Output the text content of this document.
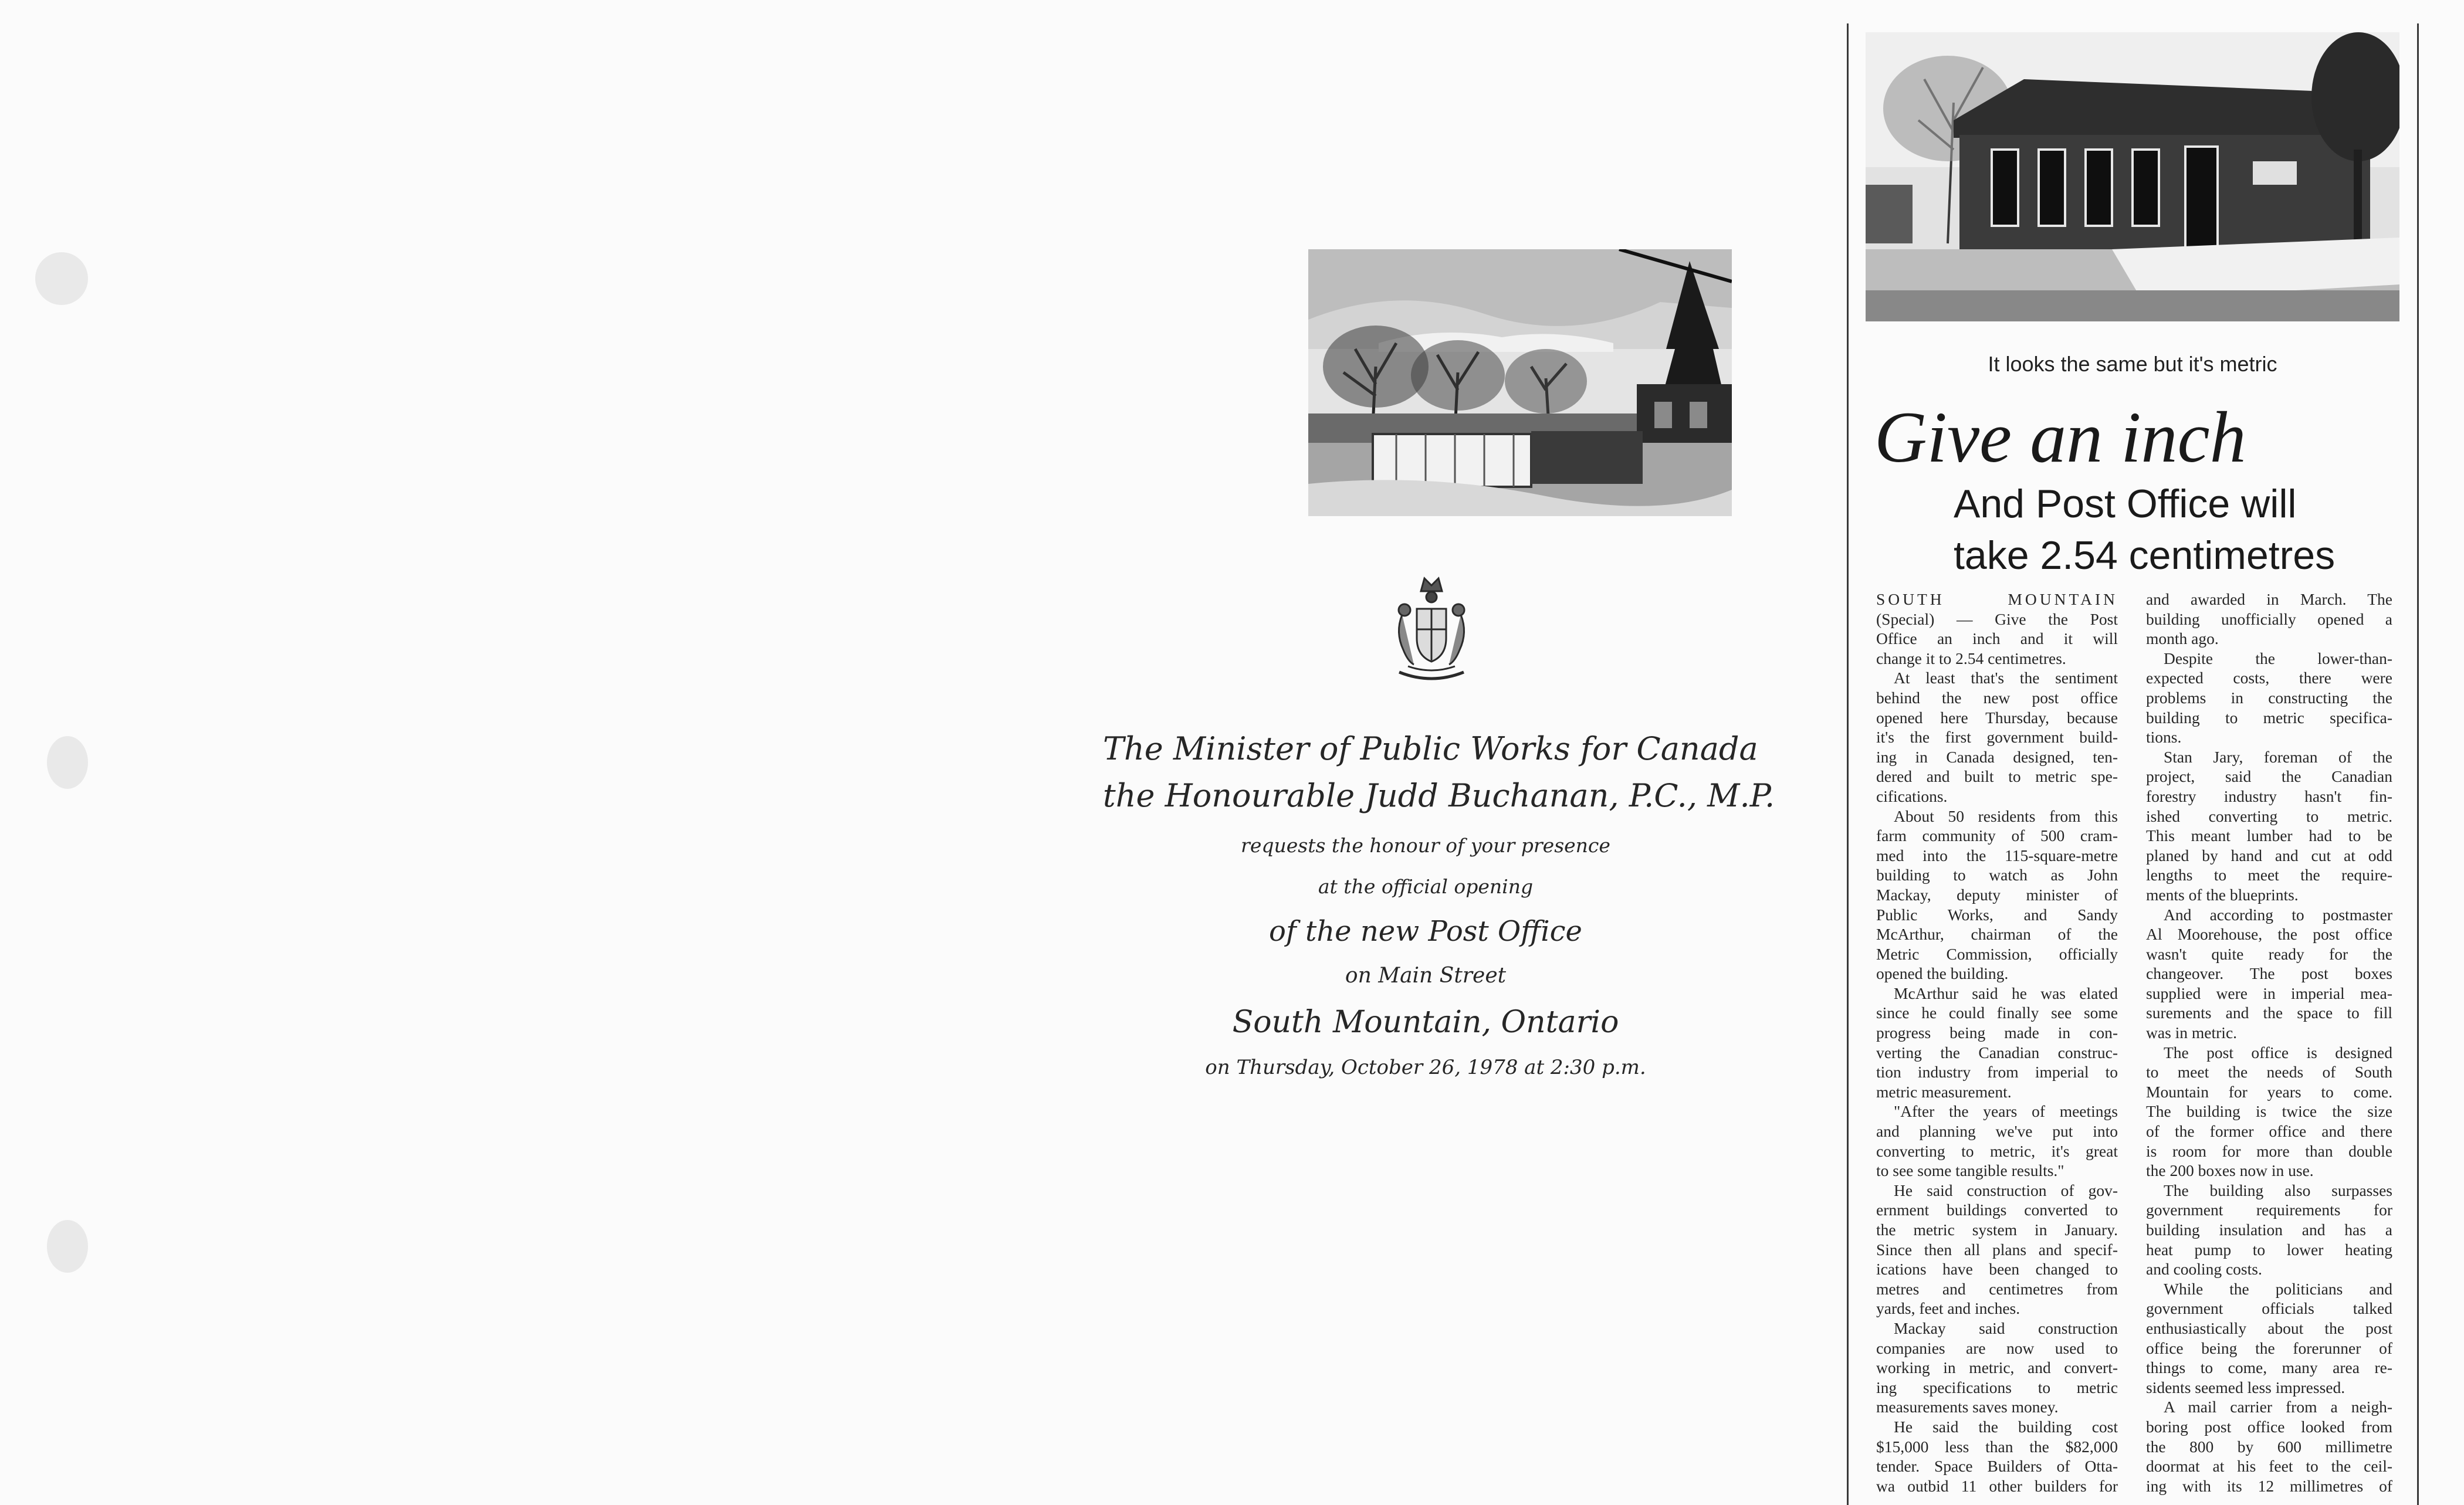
The Minister of Public Works for Canada
the Honourable Judd Buchanan, P.C., M.P.
requests the honour of your presence
at the official opening
of the new Post Office
on Main Street
South Mountain, Ontario
on Thursday, October 26, 1978 at 2:30 p.m.
It looks the same but it's metric
Give an inch
And Post Office will
take 2.54 centimetres

SOUTH MOUNTAIN

(Special) — Give the Post

Office an inch and it will

change it to 2.54 centimetres.

At least that's the sentiment

behind the new post office

opened here Thursday, because

it's the first government build-

ing in Canada designed, ten-

dered and built to metric spe-

cifications.

About 50 residents from this

farm community of 500 cram-

med into the 115-square-metre

building to watch as John

Mackay, deputy minister of

Public Works, and Sandy

McArthur, chairman of the

Metric Commission, officially

opened the building.

McArthur said he was elated

since he could finally see some

progress being made in con-

verting the Canadian construc-

tion industry from imperial to

metric measurement.

"After the years of meetings

and planning we've put into

converting to metric, it's great

to see some tangible results."

He said construction of gov-

ernment buildings converted to

the metric system in January.

Since then all plans and specif-

ications have been changed to

metres and centimetres from

yards, feet and inches.

Mackay said construction

companies are now used to

working in metric, and convert-

ing specifications to metric

measurements saves money.

He said the building cost

$15,000 less than the $82,000

tender. Space Builders of Otta-

wa outbid 11 other builders for

and awarded in March. The

building unofficially opened a

month ago.

Despite the lower-than-

expected costs, there were

problems in constructing the

building to metric specifica-

tions.

Stan Jary, foreman of the

project, said the Canadian

forestry industry hasn't fin-

ished converting to metric.

This meant lumber had to be

planed by hand and cut at odd

lengths to meet the require-

ments of the blueprints.

And according to postmaster

Al Moorehouse, the post office

wasn't quite ready for the

changeover. The post boxes

supplied were in imperial mea-

surements and the space to fill

was in metric.

The post office is designed

to meet the needs of South

Mountain for years to come.

The building is twice the size

of the former office and there

is room for more than double

the 200 boxes now in use.

The building also surpasses

government requirements for

building insulation and has a

heat pump to lower heating

and cooling costs.

While the politicians and

government officials talked

enthusiastically about the post

office being the forerunner of

things to come, many area re-

sidents seemed less impressed.

A mail carrier from a neigh-

boring post office looked from

the 800 by 600 millimetre

doormat at his feet to the ceil-

ing with its 12 millimetres of
